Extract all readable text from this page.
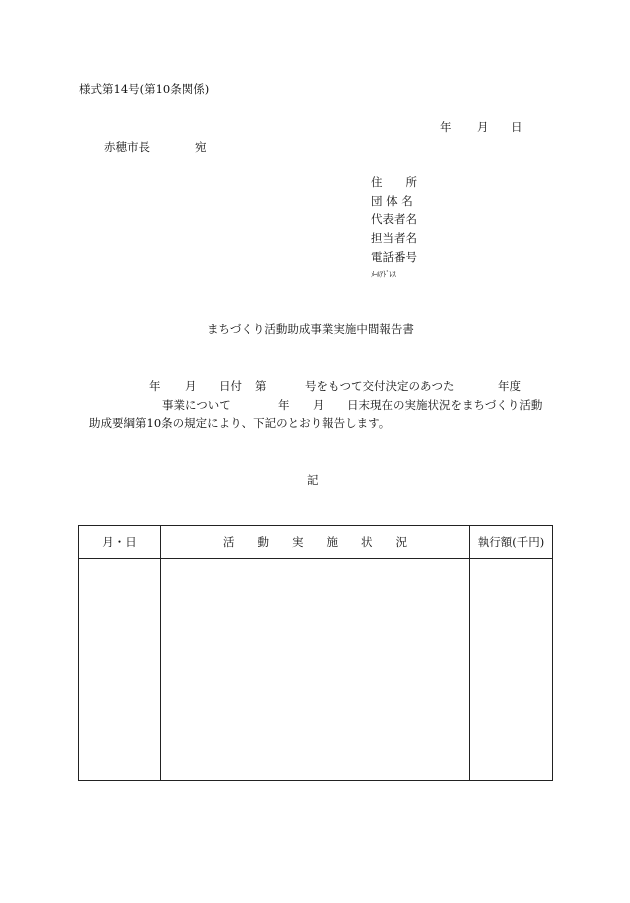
様式第14号(第10条関係)
年 月 日
赤穂市長	宛
住　　所
団 体 名
代表者名
担当者名
電話番号
ﾒｰﾙｱﾄﾞﾚｽ
まちづくり活動助成事業実施中間報告書
年 月 日付 第	号をもつて交付決定のあつた	年度
事業について	年 月 日末現在の実施状況をまちづくり活動
助成要綱第10条の規定により、下記のとおり報告します。
記
月・日	活　　動　　実　　施　　状　　況	執行額(千円)
